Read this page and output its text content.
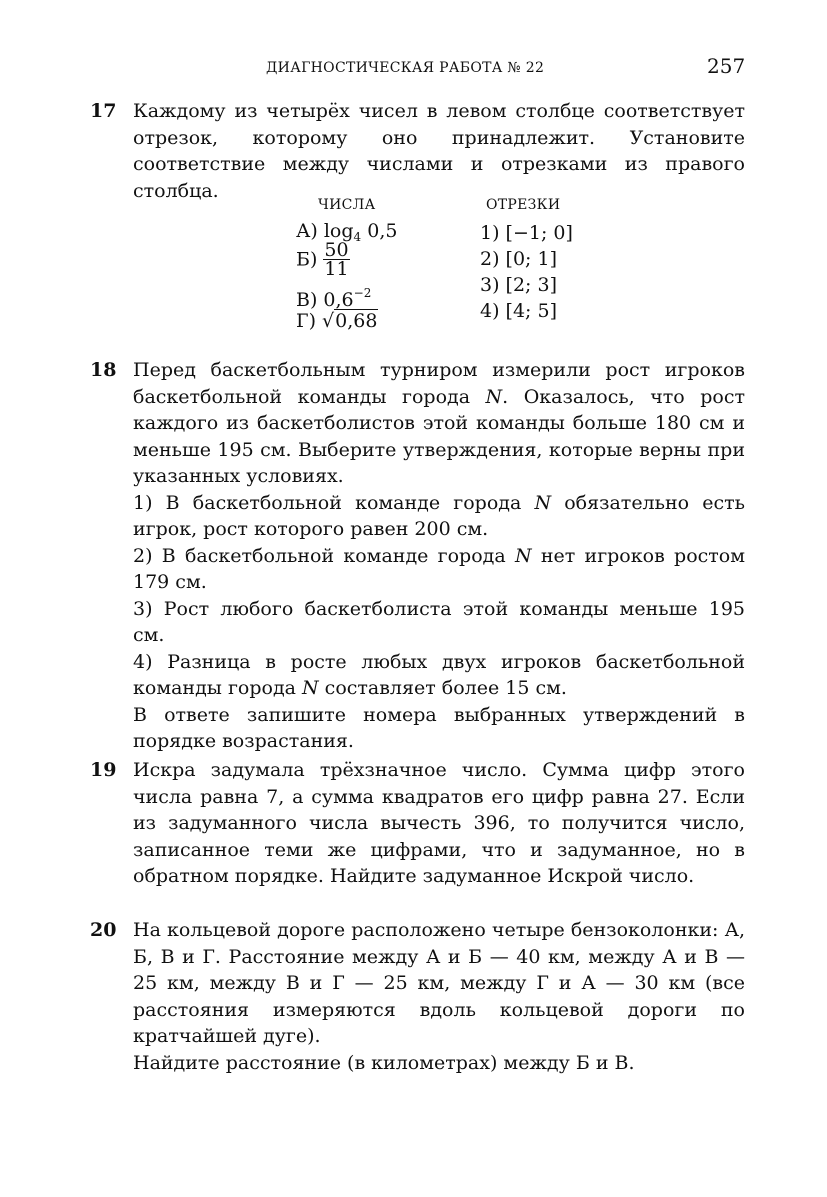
ДИАГНОСТИЧЕСКАЯ РАБОТА № 22	257
17 Каждому из четырёх чисел в левом столбце соответствует отрезок, которому оно принадлежит. Установите соответствие между числами и отрезками из правого столбца.

ЧИСЛА	ОТРЕЗКИ
А) $\log_4 0,5$
$Б) \frac{50}{11}$
В) $0,6^{-2}$
Г) √0,68
1) [−1; 0]
2) [0; 1]
3) [2; 3]
4) [4; 5]
18 Перед баскетбольным турниром измерили рост игроков баскетбольной команды города N. Оказалось, что рост каждого из баскетболистов этой команды больше 180 см и меньше 195 см. Выберите утверждения, которые верны при указанных условиях.

1) В баскетбольной команде города N обязательно есть игрок, рост которого равен 200 см.

2) В баскетбольной команде города N нет игроков ростом 179 см.

3) Рост любого баскетболиста этой команды меньше 195 см.

4) Разница в росте любых двух игроков баскетбольной команды города N составляет более 15 см.

В ответе запишите номера выбранных утверждений в порядке возрастания.

19 Искра задумала трёхзначное число. Сумма цифр этого числа равна 7, а сумма квадратов его цифр равна 27. Если из задуманного числа вычесть 396, то получится число, записанное теми же цифрами, что и задуманное, но в обратном порядке. Найдите задуманное Искрой число.

20 На кольцевой дороге расположено четыре бензоколонки: А, Б, В и Г. Расстояние между А и Б — 40 км, между А и В — 25 км, между В и Г — 25 км, между Г и А — 30 км (все расстояния измеряются вдоль кольцевой дороги по кратчайшей дуге).

Найдите расстояние (в километрах) между Б и В.
